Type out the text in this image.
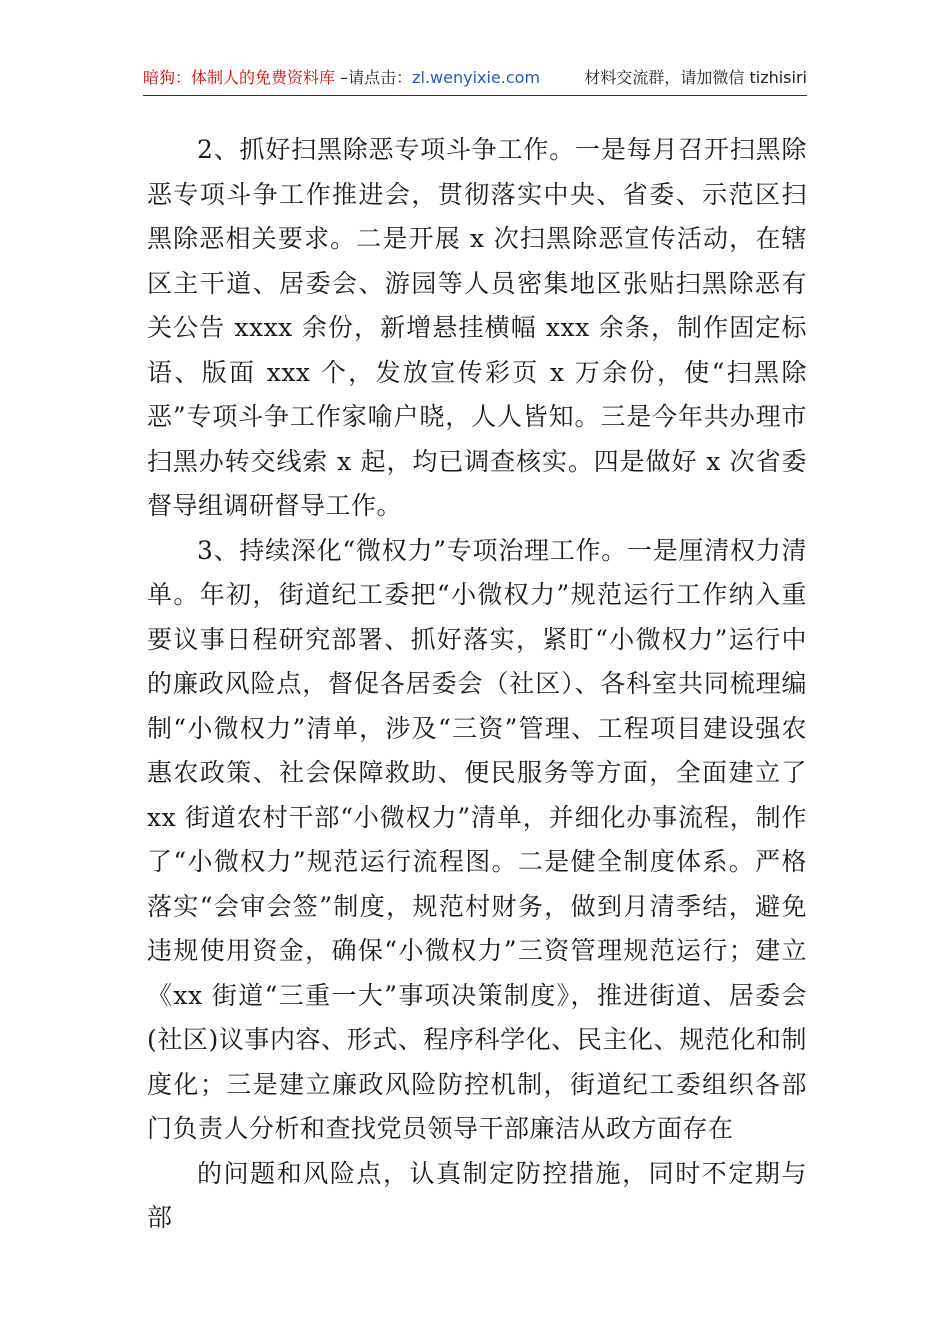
暗狗：体制人的免费资料库 –请点击：zl.wenyixie.com	材料交流群，请加微信 tizhisiri

2、抓好扫黑除恶专项斗争工作。一是每月召开扫黑除恶专项斗争工作推进会，贯彻落实中央、省委、示范区扫黑除恶相关要求。二是开展 x 次扫黑除恶宣传活动，在辖区主干道、居委会、游园等人员密集地区张贴扫黑除恶有关公告 xxxx 余份，新增悬挂横幅 xxx 余条，制作固定标语、版面 xxx 个，发放宣传彩页 x 万余份，使“扫黑除恶”专项斗争工作家喻户晓，人人皆知。三是今年共办理市扫黑办转交线索 x 起，均已调查核实。四是做好 x 次省委督导组调研督导工作。

3、持续深化“微权力”专项治理工作。一是厘清权力清单。年初，街道纪工委把“小微权力”规范运行工作纳入重要议事日程研究部署、抓好落实，紧盯“小微权力”运行中的廉政风险点，督促各居委会（社区）、各科室共同梳理编制“小微权力”清单，涉及“三资”管理、工程项目建设强农惠农政策、社会保障救助、便民服务等方面，全面建立了 xx 街道农村干部“小微权力”清单，并细化办事流程，制作了“小微权力”规范运行流程图。二是健全制度体系。严格落实“会审会签”制度，规范村财务，做到月清季结，避免违规使用资金，确保“小微权力”三资管理规范运行；建立《xx 街道“三重一大”事项决策制度》，推进街道、居委会(社区)议事内容、形式、程序科学化、民主化、规范化和制度化；三是建立廉政风险防控机制，街道纪工委组织各部门负责人分析和查找党员领导干部廉洁从政方面存在

的问题和风险点，认真制定防控措施，同时不定期与部
